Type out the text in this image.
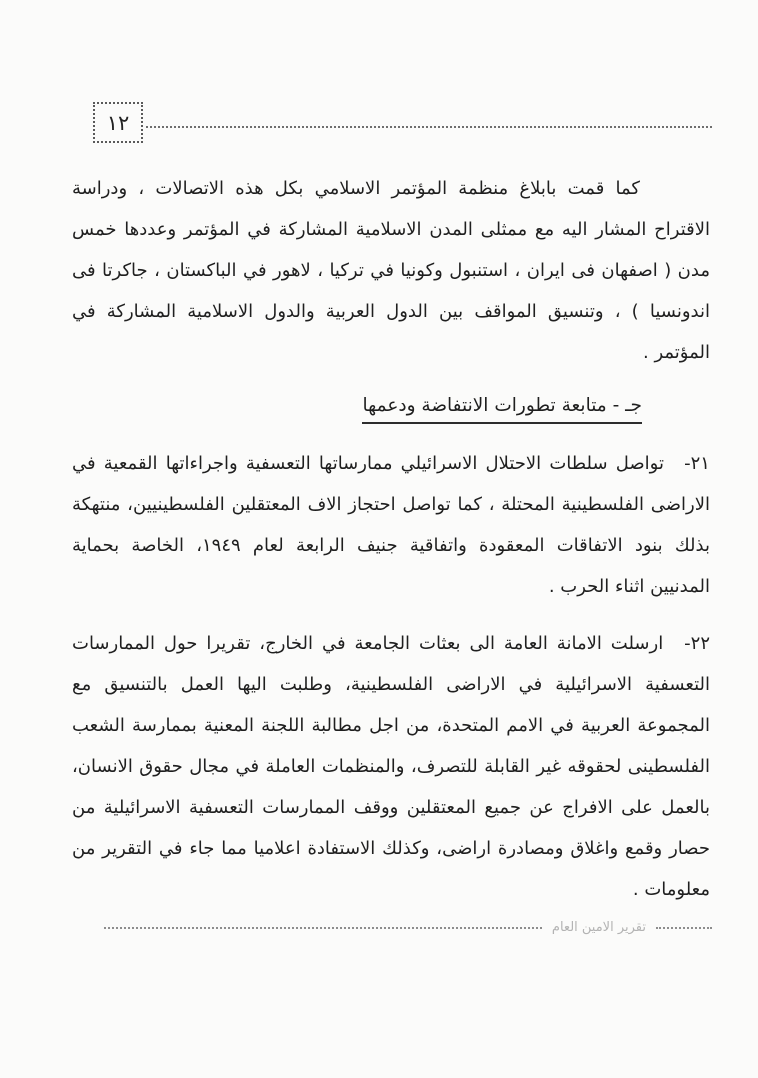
١٢

كما قمت بابلاغ منظمة المؤتمر الاسلامي بكل هذه الاتصالات ، ودراسة الاقتراح المشار اليه مع ممثلى المدن الاسلامية المشاركة في المؤتمر وعددها خمس مدن ( اصفهان فى ايران ، استنبول وكونيا في تركيا ، لاهور في الباكستان ، جاكرتا فى اندونسيا ) ، وتنسيق المواقف بين الدول العربية والدول الاسلامية المشاركة في المؤتمر .

جـ - متابعة تطورات الانتفاضة ودعمها

٢١- تواصل سلطات الاحتلال الاسرائيلي ممارساتها التعسفية واجراءاتها القمعية في الاراضى الفلسطينية المحتلة ، كما تواصل احتجاز الاف المعتقلين الفلسطينيين، منتهكة بذلك بنود الاتفاقات المعقودة واتفاقية جنيف الرابعة لعام ١٩٤٩، الخاصة بحماية المدنيين اثناء الحرب .

٢٢- ارسلت الامانة العامة الى بعثات الجامعة في الخارج، تقريرا حول الممارسات التعسفية الاسرائيلية في الاراضى الفلسطينية، وطلبت اليها العمل بالتنسيق مع المجموعة العربية في الامم المتحدة، من اجل مطالبة اللجنة المعنية بممارسة الشعب الفلسطينى لحقوقه غير القابلة للتصرف، والمنظمات العاملة في مجال حقوق الانسان، بالعمل على الافراج عن جميع المعتقلين ووقف الممارسات التعسفية الاسرائيلية من حصار وقمع واغلاق ومصادرة اراضى، وكذلك الاستفادة اعلاميا مما جاء في التقرير من معلومات .

تقرير الامين العام
